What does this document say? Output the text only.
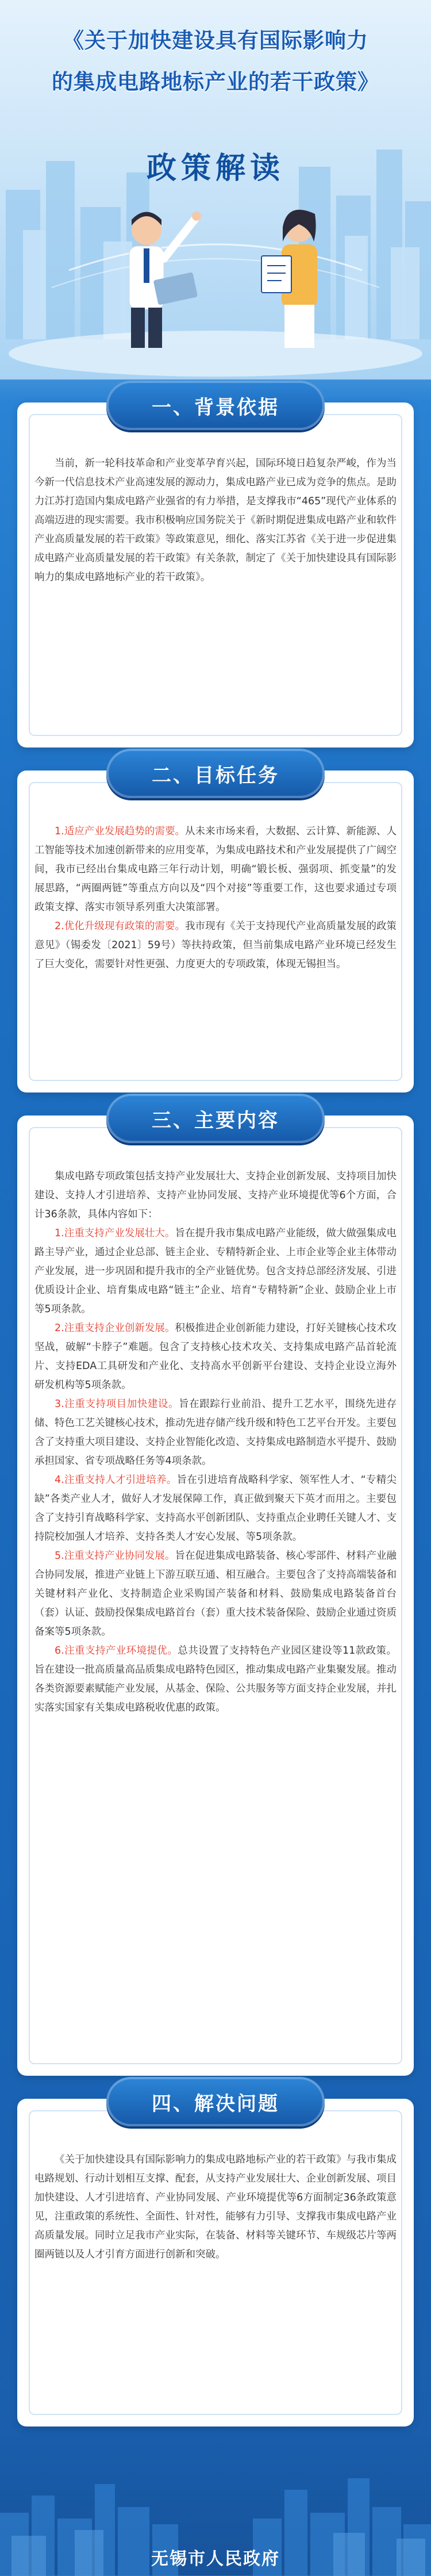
《关于加快建设具有国际影响力
的集成电路地标产业的若干政策》
政策解读
一、背景依据

当前，新一轮科技革命和产业变革孕育兴起，国际环境日趋复杂严峻，作为当今新一代信息技术产业高速发展的源动力，集成电路产业已成为竞争的焦点。是助力江苏打造国内集成电路产业强省的有力举措，是支撑我市“465”现代产业体系的高端迈进的现实需要。我市积极响应国务院关于《新时期促进集成电路产业和软件产业高质量发展的若干政策》等政策意见，细化、落实江苏省《关于进一步促进集成电路产业高质量发展的若干政策》有关条款，制定了《关于加快建设具有国际影响力的集成电路地标产业的若干政策》。

二、目标任务

1.适应产业发展趋势的需要。从未来市场来看，大数据、云计算、新能源、人工智能等技术加速创新带来的应用变革，为集成电路技术和产业发展提供了广阔空间，我市已经出台集成电路三年行动计划，明确“锻长板、强弱项、抓变量”的发展思路，“两圈两链”等重点方向以及“四个对接”等重要工作，这也要求通过专项政策支撑、落实市领导系列重大决策部署。

2.优化升级现有政策的需要。我市现有《关于支持现代产业高质量发展的政策意见》（锡委发〔2021〕59号）等扶持政策，但当前集成电路产业环境已经发生了巨大变化，需要针对性更强、力度更大的专项政策，体现无锡担当。

三、主要内容

集成电路专项政策包括支持产业发展壮大、支持企业创新发展、支持项目加快建设、支持人才引进培养、支持产业协同发展、支持产业环境提优等6个方面，合计36条款，具体内容如下：

1.注重支持产业发展壮大。旨在提升我市集成电路产业能级，做大做强集成电路主导产业，通过企业总部、链主企业、专精特新企业、上市企业等企业主体带动产业发展，进一步巩固和提升我市的全产业链优势。包含支持总部经济发展、引进优质设计企业、培育集成电路“链主”企业、培育“专精特新”企业、鼓励企业上市等5项条款。

2.注重支持企业创新发展。积极推进企业创新能力建设，打好关键核心技术攻坚战，破解“卡脖子”难题。包含了支持核心技术攻关、支持集成电路产品首轮流片、支持EDA工具研发和产业化、支持高水平创新平台建设、支持企业设立海外研发机构等5项条款。

3.注重支持项目加快建设。旨在跟踪行业前沿、提升工艺水平，围绕先进存储、特色工艺关键核心技术，推动先进存储产线升级和特色工艺平台开发。主要包含了支持重大项目建设、支持企业智能化改造、支持集成电路制造水平提升、鼓励承担国家、省专项战略任务等4项条款。

4.注重支持人才引进培养。旨在引进培育战略科学家、领军性人才、“专精尖缺”各类产业人才，做好人才发展保障工作，真正做到聚天下英才而用之。主要包含了支持引育战略科学家、支持高水平创新团队、支持重点企业聘任关键人才、支持院校加强人才培养、支持各类人才安心发展、等5项条款。

5.注重支持产业协同发展。旨在促进集成电路装备、核心零部件、材料产业融合协同发展，推进产业链上下游互联互通、相互融合。主要包含了支持高端装备和关键材料产业化、支持制造企业采购国产装备和材料、鼓励集成电路装备首台（套）认证、鼓励投保集成电路首台（套）重大技术装备保险、鼓励企业通过资质备案等5项条款。

6.注重支持产业环境提优。总共设置了支持特色产业园区建设等11款政策。旨在建设一批高质量高品质集成电路特色园区，推动集成电路产业集聚发展。推动各类资源要素赋能产业发展，从基金、保险、公共服务等方面支持企业发展，并扎实落实国家有关集成电路税收优惠的政策。

四、解决问题

《关于加快建设具有国际影响力的集成电路地标产业的若干政策》与我市集成电路规划、行动计划相互支撑、配套，从支持产业发展壮大、企业创新发展、项目加快建设、人才引进培育、产业协同发展、产业环境提优等6方面制定36条政策意见，注重政策的系统性、全面性、针对性，能够有力引导、支撑我市集成电路产业高质量发展。同时立足我市产业实际，在装备、材料等关键环节、车规级芯片等两圈两链以及人才引育方面进行创新和突破。

无锡市人民政府
